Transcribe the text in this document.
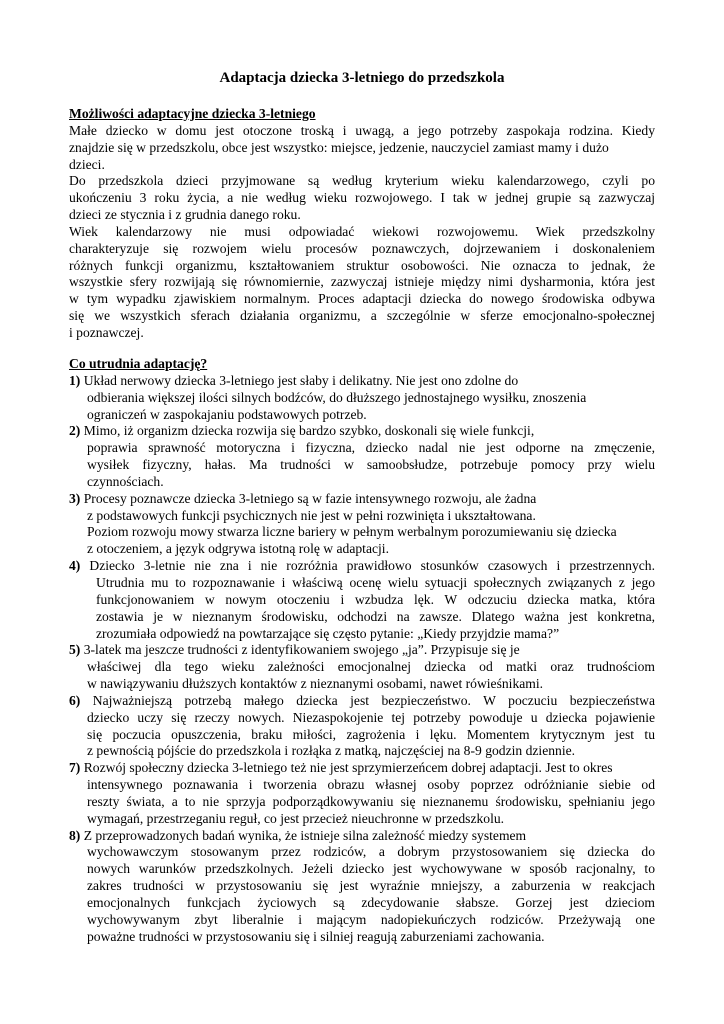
Adaptacja dziecka 3-letniego do przedszkola
Możliwości adaptacyjne dziecka 3-letniego
Małe dziecko w domu jest otoczone troską i uwagą, a jego potrzeby zaspokaja rodzina. Kiedy
znajdzie się w przedszkolu, obce jest wszystko: miejsce, jedzenie, nauczyciel zamiast mamy i dużo
dzieci.
Do przedszkola dzieci przyjmowane są według kryterium wieku kalendarzowego, czyli po
ukończeniu 3 roku życia, a nie według wieku rozwojowego. I tak w jednej grupie są zazwyczaj
dzieci ze stycznia i z grudnia danego roku.
Wiek kalendarzowy nie musi odpowiadać wiekowi rozwojowemu. Wiek przedszkolny
charakteryzuje się rozwojem wielu procesów poznawczych, dojrzewaniem i doskonaleniem
różnych funkcji organizmu, kształtowaniem struktur osobowości. Nie oznacza to jednak, że
wszystkie sfery rozwijają się równomiernie, zazwyczaj istnieje między nimi dysharmonia, która jest
w tym wypadku zjawiskiem normalnym. Proces adaptacji dziecka do nowego środowiska odbywa
się we wszystkich sferach działania organizmu, a szczególnie w sferze emocjonalno-społecznej
i poznawczej.
Co utrudnia adaptację?
1) Układ nerwowy dziecka 3-letniego jest słaby i delikatny. Nie jest ono zdolne do
odbierania większej ilości silnych bodźców, do dłuższego jednostajnego wysiłku, znoszenia
ograniczeń w zaspokajaniu podstawowych potrzeb.
2) Mimo, iż organizm dziecka rozwija się bardzo szybko, doskonali się wiele funkcji,
poprawia sprawność motoryczna i fizyczna, dziecko nadal nie jest odporne na zmęczenie,
wysiłek fizyczny, hałas. Ma trudności w samoobsłudze, potrzebuje pomocy przy wielu
czynnościach.
3) Procesy poznawcze dziecka 3-letniego są w fazie intensywnego rozwoju, ale żadna
z podstawowych funkcji psychicznych nie jest w pełni rozwinięta i ukształtowana.
Poziom rozwoju mowy stwarza liczne bariery w pełnym werbalnym porozumiewaniu się dziecka
z otoczeniem, a język odgrywa istotną rolę w adaptacji.
4) Dziecko 3-letnie nie zna i nie rozróżnia prawidłowo stosunków czasowych i przestrzennych.
Utrudnia mu to rozpoznawanie i właściwą ocenę wielu sytuacji społecznych związanych z jego
funkcjonowaniem w nowym otoczeniu i wzbudza lęk. W odczuciu dziecka matka, która
zostawia je w nieznanym środowisku, odchodzi na zawsze. Dlatego ważna jest konkretna,
zrozumiała odpowiedź na powtarzające się często pytanie: „Kiedy przyjdzie mama?”
5) 3-latek ma jeszcze trudności z identyfikowaniem swojego „ja”. Przypisuje się je
właściwej dla tego wieku zależności emocjonalnej dziecka od matki oraz trudnościom
w nawiązywaniu dłuższych kontaktów z nieznanymi osobami, nawet rówieśnikami.
6) Najważniejszą potrzebą małego dziecka jest bezpieczeństwo. W poczuciu bezpieczeństwa
dziecko uczy się rzeczy nowych. Niezaspokojenie tej potrzeby powoduje u dziecka pojawienie
się poczucia opuszczenia, braku miłości, zagrożenia i lęku. Momentem krytycznym jest tu
z pewnością pójście do przedszkola i rozłąka z matką, najczęściej na 8-9 godzin dziennie.
7) Rozwój społeczny dziecka 3-letniego też nie jest sprzymierzeńcem dobrej adaptacji. Jest to okres
intensywnego poznawania i tworzenia obrazu własnej osoby poprzez odróżnianie siebie od
reszty świata, a to nie sprzyja podporządkowywaniu się nieznanemu środowisku, spełnianiu jego
wymagań, przestrzeganiu reguł, co jest przecież nieuchronne w przedszkolu.
8) Z przeprowadzonych badań wynika, że istnieje silna zależność miedzy systemem
wychowawczym stosowanym przez rodziców, a dobrym przystosowaniem się dziecka do
nowych warunków przedszkolnych. Jeżeli dziecko jest wychowywane w sposób racjonalny, to
zakres trudności w przystosowaniu się jest wyraźnie mniejszy, a zaburzenia w reakcjach
emocjonalnych funkcjach życiowych są zdecydowanie słabsze. Gorzej jest dzieciom
wychowywanym zbyt liberalnie i mającym nadopiekuńczych rodziców. Przeżywają one
poważne trudności w przystosowaniu się i silniej reagują zaburzeniami zachowania.
